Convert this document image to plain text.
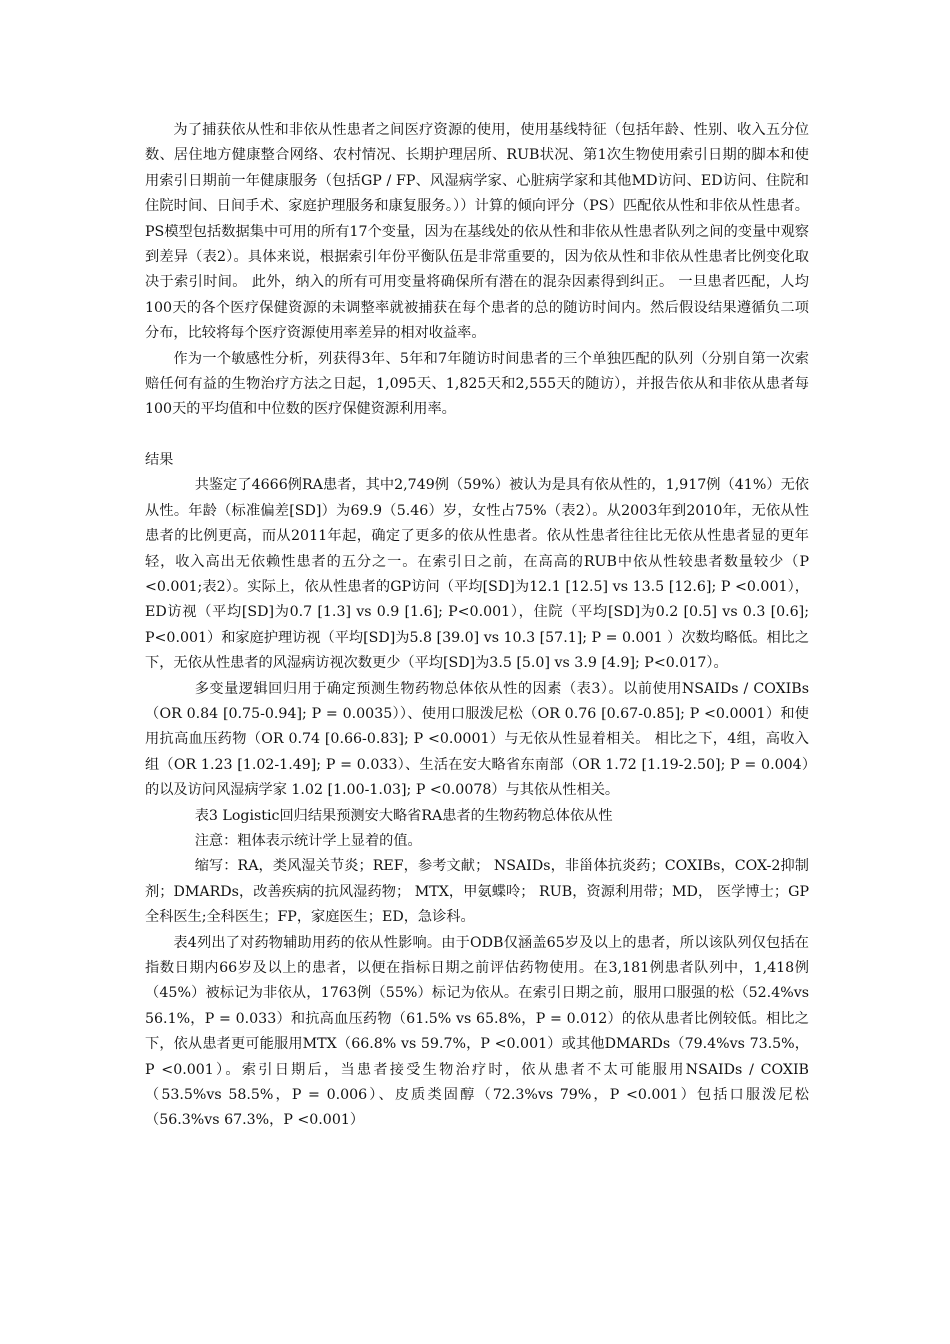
为了捕获依从性和非依从性患者之间医疗资源的使用，使用基线特征（包括年龄、性别、收入五分位数、居住地方健康整合网络、农村情况、长期护理居所、RUB状况、第1次生物使用索引日期的脚本和使用索引日期前一年健康服务（包括GP / FP、风湿病学家、心脏病学家和其他MD访问、ED访问、住院和住院时间、日间手术、家庭护理服务和康复服务。））计算的倾向评分（PS）匹配依从性和非依从性患者。 PS模型包括数据集中可用的所有17个变量，因为在基线处的依从性和非依从性患者队列之间的变量中观察到差异（表2）。具体来说，根据索引年份平衡队伍是非常重要的，因为依从性和非依从性患者比例变化取决于索引时间。 此外，纳入的所有可用变量将确保所有潜在的混杂因素得到纠正。 一旦患者匹配，人均100天的各个医疗保健资源的未调整率就被捕获在每个患者的总的随访时间内。然后假设结果遵循负二项分布，比较将每个医疗资源使用率差异的相对收益率。

作为一个敏感性分析，列获得3年、5年和7年随访时间患者的三个单独匹配的队列（分别自第一次索赔任何有益的生物治疗方法之日起，1,095天、1,825天和2,555天的随访），并报告依从和非依从患者每100天的平均值和中位数的医疗保健资源利用率。

结果

共鉴定了4666例RA患者，其中2,749例（59%）被认为是具有依从性的，1,917例（41%）无依从性。年龄（标准偏差[SD]）为69.9（5.46）岁，女性占75%（表2）。从2003年到2010年，无依从性患者的比例更高，而从2011年起，确定了更多的依从性患者。依从性患者往往比无依从性患者显的更年轻，收入高出无依赖性患者的五分之一。在索引日之前，在高高的RUB中依从性较患者数量较少（P <0.001;表2）。实际上，依从性患者的GP访问（平均[SD]为12.1 [12.5] vs 13.5 [12.6]; P <0.001），ED访视（平均[SD]为0.7 [1.3] vs 0.9 [1.6]; P<0.001），住院（平均[SD]为0.2 [0.5] vs 0.3 [0.6]; P<0.001）和家庭护理访视（平均[SD]为5.8 [39.0] vs 10.3 [57.1]; P = 0.001 ）次数均略低。相比之下，无依从性患者的风湿病访视次数更少（平均[SD]为3.5 [5.0] vs 3.9 [4.9]; P<0.017）。

多变量逻辑回归用于确定预测生物药物总体依从性的因素（表3）。以前使用NSAIDs / COXIBs（OR 0.84 [0.75-0.94]; P = 0.0035））、使用口服泼尼松（OR 0.76 [0.67-0.85]; P <0.0001）和使用抗高血压药物（OR 0.74 [0.66-0.83]; P <0.0001）与无依从性显着相关。 相比之下，4组，高收入组（OR 1.23 [1.02-1.49]; P = 0.033）、生活在安大略省东南部（OR 1.72 [1.19-2.50]; P = 0.004）的以及访问风湿病学家 1.02 [1.00-1.03]; P <0.0078）与其依从性相关。

表3 Logistic回归结果预测安大略省RA患者的生物药物总体依从性

注意：粗体表示统计学上显着的值。

缩写：RA，类风湿关节炎；REF，参考文献； NSAIDs，非甾体抗炎药；COXIBs，COX-2抑制剂；DMARDs，改善疾病的抗风湿药物； MTX，甲氨蝶呤； RUB，资源利用带；MD， 医学博士；GP 全科医生;全科医生；FP，家庭医生；ED，急诊科。

表4列出了对药物辅助用药的依从性影响。由于ODB仅涵盖65岁及以上的患者，所以该队列仅包括在指数日期内66岁及以上的患者，以便在指标日期之前评估药物使用。在3,181例患者队列中，1,418例（45%）被标记为非依从，1763例（55%）标记为依从。在索引日期之前，服用口服强的松（52.4%vs 56.1%，P = 0.033）和抗高血压药物（61.5% vs 65.8%，P = 0.012）的依从患者比例较低。相比之下，依从患者更可能服用MTX（66.8% vs 59.7%，P <0.001）或其他DMARDs（79.4%vs 73.5%，P <0.001）。索引日期后，当患者接受生物治疗时，依从患者不太可能服用NSAIDs / COXIB（53.5%vs 58.5%，P = 0.006）、皮质类固醇（72.3%vs 79%，P <0.001）包括口服泼尼松（56.3%vs 67.3%，P <0.001）
